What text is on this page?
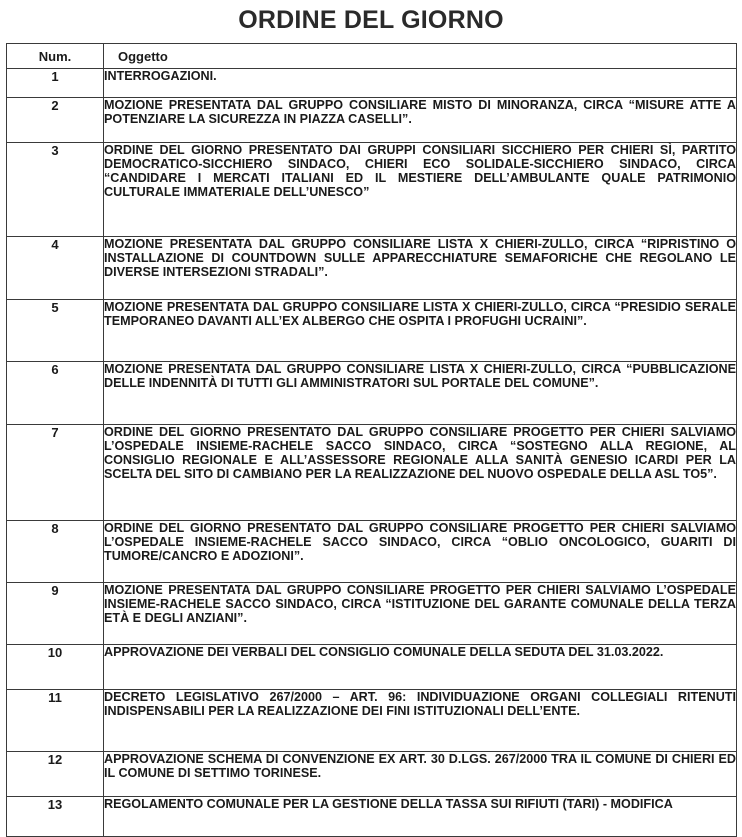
ORDINE DEL GIORNO
Num.	Oggetto
1	INTERROGAZIONI.
2	MOZIONE PRESENTATA DAL GRUPPO CONSILIARE MISTO DI MINORANZA, CIRCA “MISURE ATTE A POTENZIARE LA SICUREZZA IN PIAZZA CASELLI”.
3	ORDINE DEL GIORNO PRESENTATO DAI GRUPPI CONSILIARI SICCHIERO PER CHIERI SÌ, PARTITO DEMOCRATICO-SICCHIERO SINDACO, CHIERI ECO SOLIDALE-SICCHIERO SINDACO, CIRCA “CANDIDARE I MERCATI ITALIANI ED IL MESTIERE DELL’AMBULANTE QUALE PATRIMONIO CULTURALE IMMATERIALE DELL’UNESCO”
4	MOZIONE PRESENTATA DAL GRUPPO CONSILIARE LISTA X CHIERI-ZULLO, CIRCA “RIPRISTINO O INSTALLAZIONE DI COUNTDOWN SULLE APPARECCHIATURE SEMAFORICHE CHE REGOLANO LE DIVERSE INTERSEZIONI STRADALI”.
5	MOZIONE PRESENTATA DAL GRUPPO CONSILIARE LISTA X CHIERI-ZULLO, CIRCA “PRESIDIO SERALE TEMPORANEO DAVANTI ALL’EX ALBERGO CHE OSPITA I PROFUGHI UCRAINI”.
6	MOZIONE PRESENTATA DAL GRUPPO CONSILIARE LISTA X CHIERI-ZULLO, CIRCA “PUBBLICAZIONE DELLE INDENNITÀ DI TUTTI GLI AMMINISTRATORI SUL PORTALE DEL COMUNE”.
7	ORDINE DEL GIORNO PRESENTATO DAL GRUPPO CONSILIARE PROGETTO PER CHIERI SALVIAMO L’OSPEDALE INSIEME-RACHELE SACCO SINDACO, CIRCA “SOSTEGNO ALLA REGIONE, AL CONSIGLIO REGIONALE E ALL’ASSESSORE REGIONALE ALLA SANITÀ GENESIO ICARDI PER LA SCELTA DEL SITO DI CAMBIANO PER LA REALIZZAZIONE DEL NUOVO OSPEDALE DELLA ASL TO5”.
8	ORDINE DEL GIORNO PRESENTATO DAL GRUPPO CONSILIARE PROGETTO PER CHIERI SALVIAMO L’OSPEDALE INSIEME-RACHELE SACCO SINDACO, CIRCA “OBLIO ONCOLOGICO, GUARITI DI TUMORE/CANCRO E ADOZIONI”.
9	MOZIONE PRESENTATA DAL GRUPPO CONSILIARE PROGETTO PER CHIERI SALVIAMO L’OSPEDALE INSIEME-RACHELE SACCO SINDACO, CIRCA “ISTITUZIONE DEL GARANTE COMUNALE DELLA TERZA ETÀ E DEGLI ANZIANI”.
10	APPROVAZIONE DEI VERBALI DEL CONSIGLIO COMUNALE DELLA SEDUTA DEL 31.03.2022.
11	DECRETO LEGISLATIVO 267/2000 – ART. 96: INDIVIDUAZIONE ORGANI COLLEGIALI RITENUTI INDISPENSABILI PER LA REALIZZAZIONE DEI FINI ISTITUZIONALI DELL’ENTE.
12	APPROVAZIONE SCHEMA DI CONVENZIONE EX ART. 30 D.LGS. 267/2000 TRA IL COMUNE DI CHIERI ED IL COMUNE DI SETTIMO TORINESE.
13	REGOLAMENTO COMUNALE PER LA GESTIONE DELLA TASSA SUI RIFIUTI (TARI) - MODIFICA
